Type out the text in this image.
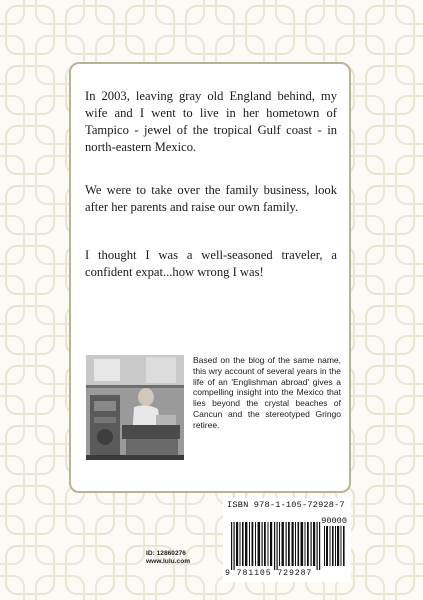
In 2003, leaving gray old England behind, my wife and I went to live in her hometown of Tampico - jewel of the tropical Gulf coast - in north-eastern Mexico.

We were to take over the family business, look after her parents and raise our own family.

I thought I was a well-seasoned traveler, a confident expat...how wrong I was!

Based on the blog of the same name, this wry account of several years in the life of an 'Englishman abroad' gives a compelling insight into the Mexico that lies beyond the crystal beaches of Cancun and the stereotyped Gringo retiree.

ISBN 978-1-105-72928-7
90000
9 781105 729287
ID: 12860276
www.lulu.com
